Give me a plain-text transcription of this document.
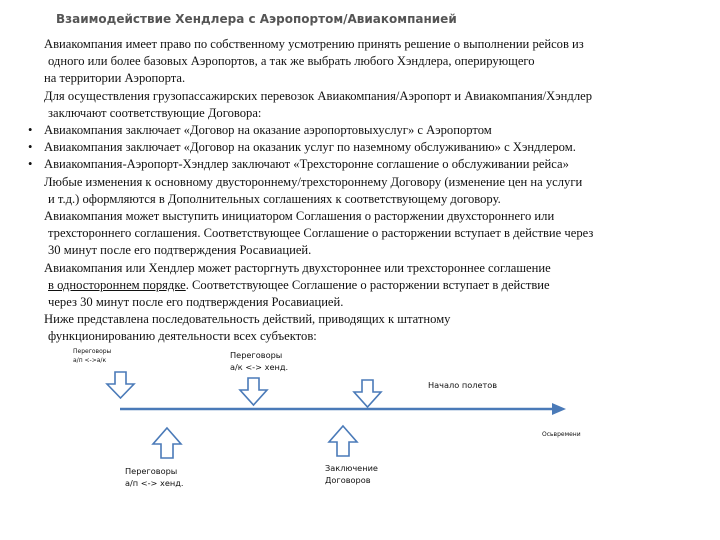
Взаимодействие Хендлера с Аэропортом/Авиакомпанией
Авиакомпания имеет право по собственному усмотрению принять решение о выполнении рейсов из
одного или более базовых Аэропортов, а так же выбрать любого Хэндлера, оперирующего
на территории Аэропорта.
Для осуществления грузопассажирских перевозок Авиакомпания/Аэропорт и Авиакомпания/Хэндлер
заключают соответствующие Договора:
• Авиакомпания заключает «Договор на оказание аэропортовыхуслуг» с Аэропортом
• Авиакомпания заключает «Договор на оказаник услуг по наземному обслуживанию» с Хэндлером.
• Авиакомпания-Аэропорт-Хэндлер заключают «Трехсторонне соглашение о обслуживании рейса»
Любые изменения к основному двустороннему/трехстороннему Договору (изменение цен на услуги
и т.д.) оформляются в Дополнительных соглашениях к соответствующему договору.
Авиакомпания может выступить инициатором Соглашения о расторжении двухстороннего или
трехстороннего соглашения. Соответствующее Соглашение о расторжении вступает в действие через
30 минут после его подтверждения Росавиацией.
Авиакомпания или Хендлер может расторгнуть двухстороннее или трехстороннее соглашение
в одностороннем порядке. Соответствующее Соглашение о расторжении вступает в действие
через 30 минут после его подтверждения Росавиацией.
Ниже представлена последовательность действий, приводящих к штатному
функционированию деятельности всех субъектов:
Переговоры
а/п <->а/к
Переговоры
а/к <-> хенд.
Начало полетов
Осьвремени
Переговоры
а/п <-> хенд.
Заключение
Договоров
